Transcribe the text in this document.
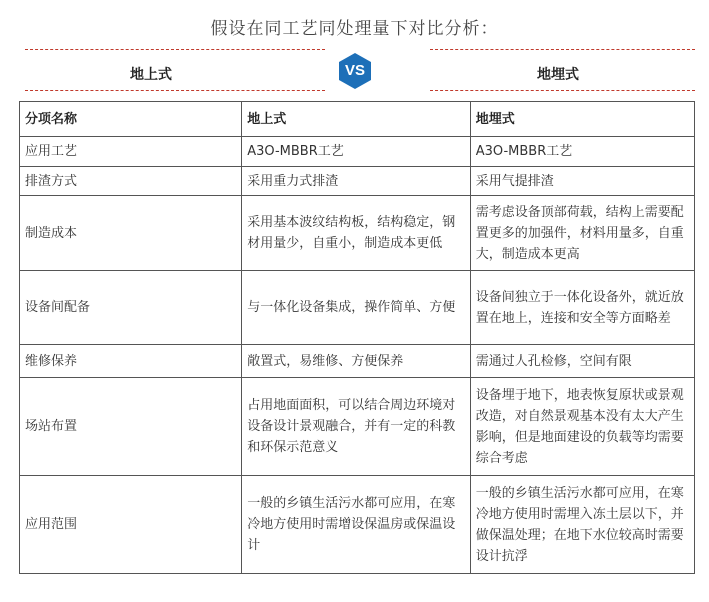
假设在同工艺同处理量下对比分析：
地上式	VS	地埋式
分项名称	地上式	地埋式
应用工艺	A3O-MBBR工艺	A3O-MBBR工艺
排渣方式	采用重力式排渣	采用气提排渣
制造成本	采用基本波纹结构板，结构稳定，钢材用量少，自重小，制造成本更低	需考虑设备顶部荷载，结构上需要配置更多的加强件，材料用量多，自重大，制造成本更高
设备间配备	与一体化设备集成，操作简单、方便	设备间独立于一体化设备外，就近放置在地上，连接和安全等方面略差
维修保养	敞置式，易维修、方便保养	需通过人孔检修，空间有限
场站布置	占用地面面积，可以结合周边环境对设备设计景观融合，并有一定的科教和环保示范意义	设备埋于地下，地表恢复原状或景观改造，对自然景观基本没有太大产生影响，但是地面建设的负载等均需要综合考虑
应用范围	一般的乡镇生活污水都可应用，在寒冷地方使用时需增设保温房或保温设计	一般的乡镇生活污水都可应用，在寒冷地方使用时需埋入冻土层以下，并做保温处理；在地下水位较高时需要设计抗浮
